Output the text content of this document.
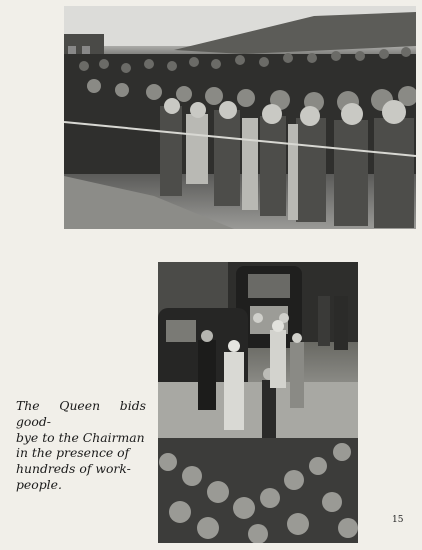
The Queen bids good-
bye to the Chairman
in the presence of
hundreds of work-
people.
15
